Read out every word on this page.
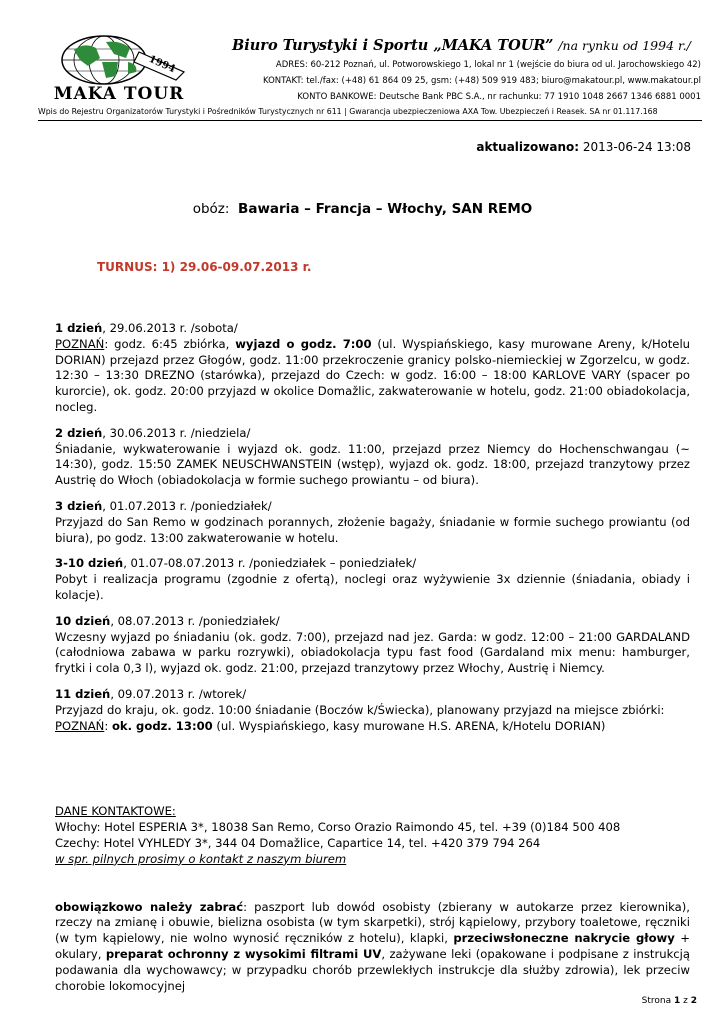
MAKA TOUR
1994
Biuro Turystyki i Sportu „MAKA TOUR” /na rynku od 1994 r./
ADRES: 60-212 Poznań, ul. Potworowskiego 1, lokal nr 1 (wejście do biura od ul. Jarochowskiego 42)
KONTAKT: tel./fax: (+48) 61 864 09 25, gsm: (+48) 509 919 483; biuro@makatour.pl, www.makatour.pl
KONTO BANKOWE: Deutsche Bank PBC S.A., nr rachunku: 77 1910 1048 2667 1346 6881 0001
Wpis do Rejestru Organizatorów Turystyki i Pośredników Turystycznych nr 611 | Gwarancja ubezpieczeniowa AXA Tow. Ubezpieczeń i Reasek. SA nr 01.117.168
aktualizowano: 2013-06-24 13:08
obóz: Bawaria – Francja – Włochy, SAN REMO
TURNUS: 1) 29.06-09.07.2013 r.

1 dzień, 29.06.2013 r. /sobota/
POZNAŃ: godz. 6:45 zbiórka, wyjazd o godz. 7:00 (ul. Wyspiańskiego, kasy murowane Areny, k/Hotelu DORIAN) przejazd przez Głogów, godz. 11:00 przekroczenie granicy polsko-niemieckiej w Zgorzelcu, w godz. 12:30 – 13:30 DREZNO (starówka), przejazd do Czech: w godz. 16:00 – 18:00 KARLOVE VARY (spacer po kurorcie), ok. godz. 20:00 przyjazd w okolice Domažlic, zakwaterowanie w hotelu, godz. 21:00 obiadokolacja, nocleg.

2 dzień, 30.06.2013 r. /niedziela/
Śniadanie, wykwaterowanie i wyjazd ok. godz. 11:00, przejazd przez Niemcy do Hochenschwangau (~ 14:30), godz. 15:50 ZAMEK NEUSCHWANSTEIN (wstęp), wyjazd ok. godz. 18:00, przejazd tranzytowy przez Austrię do Włoch (obiadokolacja w formie suchego prowiantu – od biura).

3 dzień, 01.07.2013 r. /poniedziałek/
Przyjazd do San Remo w godzinach porannych, złożenie bagaży, śniadanie w formie suchego prowiantu (od biura), po godz. 13:00 zakwaterowanie w hotelu.

3-10 dzień, 01.07-08.07.2013 r. /poniedziałek – poniedziałek/
Pobyt i realizacja programu (zgodnie z ofertą), noclegi oraz wyżywienie 3x dziennie (śniadania, obiady i kolacje).

10 dzień, 08.07.2013 r. /poniedziałek/
Wczesny wyjazd po śniadaniu (ok. godz. 7:00), przejazd nad jez. Garda: w godz. 12:00 – 21:00 GARDALAND (całodniowa zabawa w parku rozrywki), obiadokolacja typu fast food (Gardaland mix menu: hamburger, frytki i cola 0,3 l), wyjazd ok. godz. 21:00, przejazd tranzytowy przez Włochy, Austrię i Niemcy.

11 dzień, 09.07.2013 r. /wtorek/
Przyjazd do kraju, ok. godz. 10:00 śniadanie (Boczów k/Świecka), planowany przyjazd na miejsce zbiórki:
POZNAŃ: ok. godz. 13:00 (ul. Wyspiańskiego, kasy murowane H.S. ARENA, k/Hotelu DORIAN)

DANE KONTAKTOWE:
Włochy: Hotel ESPERIA 3*, 18038 San Remo, Corso Orazio Raimondo 45, tel. +39 (0)184 500 408
Czechy: Hotel VYHLEDY 3*, 344 04 Domažlice, Capartice 14, tel. +420 379 794 264
w spr. pilnych prosimy o kontakt z naszym biurem

obowiązkowo należy zabrać: paszport lub dowód osobisty (zbierany w autokarze przez kierownika), rzeczy na zmianę i obuwie, bielizna osobista (w tym skarpetki), strój kąpielowy, przybory toaletowe, ręczniki (w tym kąpielowy, nie wolno wynosić ręczników z hotelu), klapki, przeciwsłoneczne nakrycie głowy + okulary, preparat ochronny z wysokimi filtrami UV, zażywane leki (opakowane i podpisane z instrukcją podawania dla wychowawcy; w przypadku chorób przewlekłych instrukcje dla służby zdrowia), lek przeciw chorobie lokomocyjnej

Strona 1 z 2
